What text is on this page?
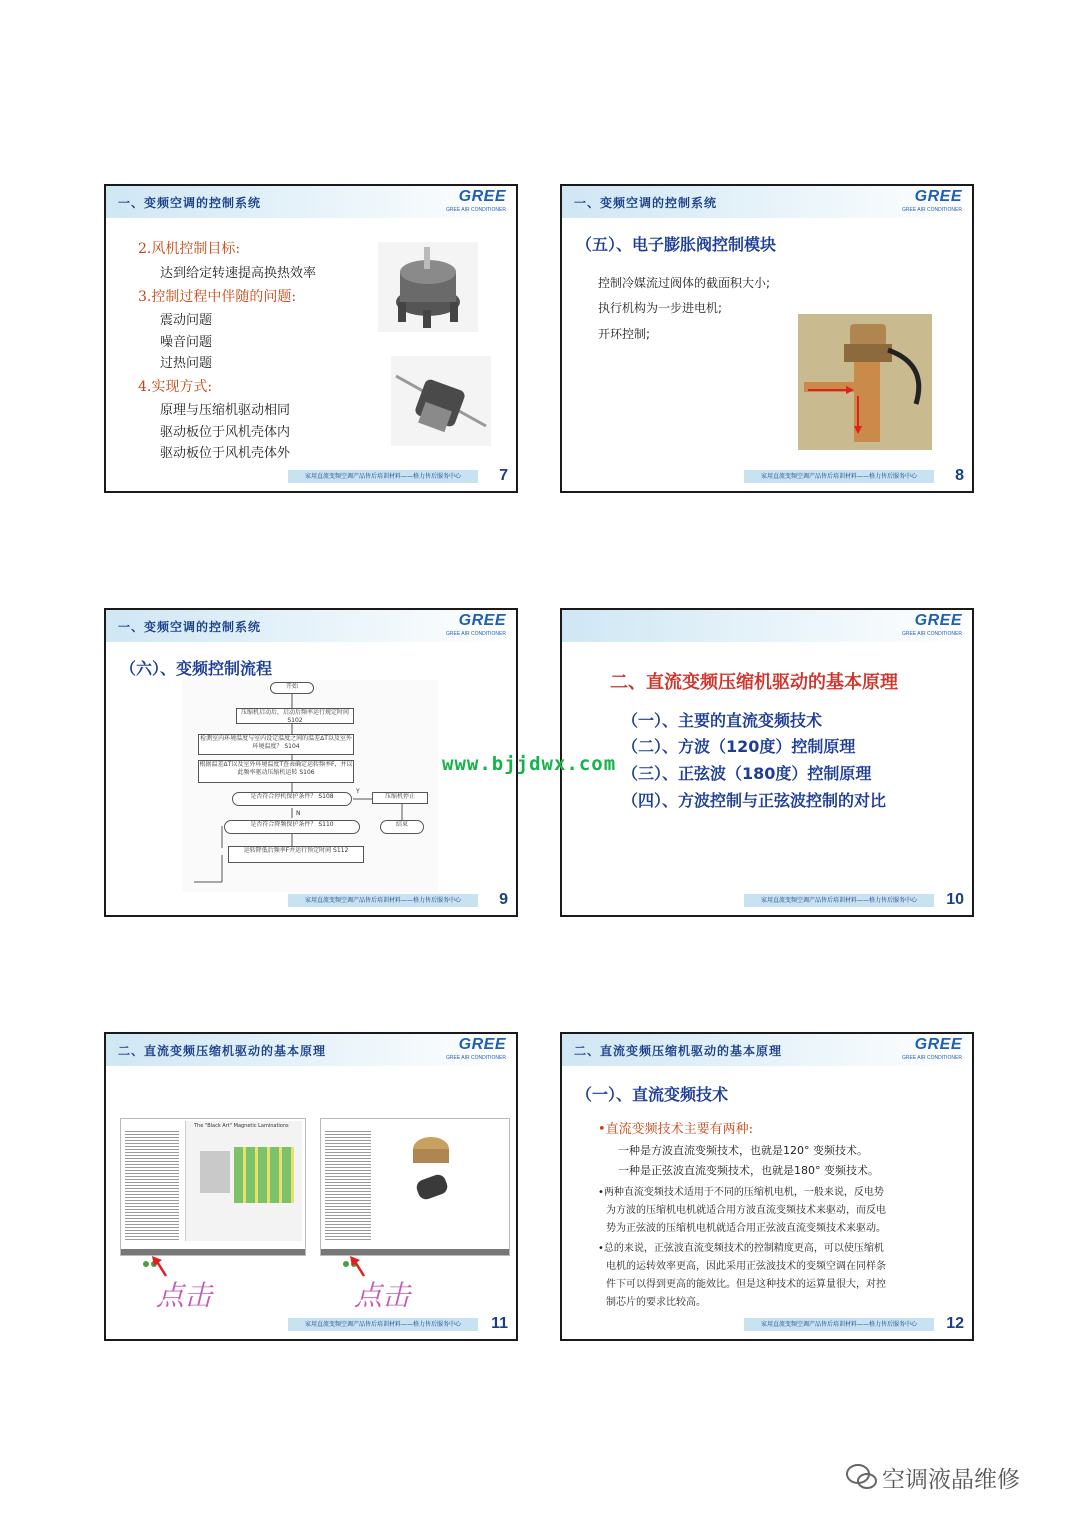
一、变频空调的控制系统	GREE
GREE AIR CONDITIONER
2.风机控制目标:
达到给定转速提高换热效率
3.控制过程中伴随的问题:
震动问题
噪音问题
过热问题
4.实现方式:
原理与压缩机驱动相同
驱动板位于风机壳体内
驱动板位于风机壳体外
家用直流变频空调产品售后培训材料——格力售后服务中心	7
一、变频空调的控制系统	GREE
GREE AIR CONDITIONER
（五）、电子膨胀阀控制模块
控制冷媒流过阀体的截面积大小;
执行机构为一步进电机;
开环控制;
家用直流变频空调产品售后培训材料——格力售后服务中心	8
一、变频空调的控制系统	GREE
GREE AIR CONDITIONER
（六）、变频控制流程
开始
压缩机启动后，启动后频率运行规定时间 S102
检测室内环境温度与室内设定温度之间的温差ΔT以及室外环境温度？ S104
根据温差ΔT以及室外环境温度T查表确定运转频率F，并以此频率驱动压缩机运转 S106
是否符合停机保护条件？ S108	压缩机停止
结束
是否符合降频保护条件？ S110
运转降低后频率F并运行预定时间 S112
Y
N
家用直流变频空调产品售后培训材料——格力售后服务中心	9
GREE
GREE AIR CONDITIONER
二、直流变频压缩机驱动的基本原理
（一）、主要的直流变频技术
（二）、方波（120度）控制原理
（三）、正弦波（180度）控制原理
（四）、方波控制与正弦波控制的对比
家用直流变频空调产品售后培训材料——格力售后服务中心	10
二、直流变频压缩机驱动的基本原理	GREE
GREE AIR CONDITIONER
The "Black Art" Magnetic Laminations
点击	点击
家用直流变频空调产品售后培训材料——格力售后服务中心	11
二、直流变频压缩机驱动的基本原理	GREE
GREE AIR CONDITIONER
（一）、直流变频技术
•直流变频技术主要有两种:
一种是方波直流变频技术，也就是120° 变频技术。
一种是正弦波直流变频技术，也就是180° 变频技术。
•两种直流变频技术适用于不同的压缩机电机，一般来说，反电势
为方波的压缩机电机就适合用方波直流变频技术来驱动，而反电
势为正弦波的压缩机电机就适合用正弦波直流变频技术来驱动。
•总的来说，正弦波直流变频技术的控制精度更高，可以使压缩机
电机的运转效率更高，因此采用正弦波技术的变频空调在同样条
件下可以得到更高的能效比。但是这种技术的运算量很大，对控
制芯片的要求比较高。
家用直流变频空调产品售后培训材料——格力售后服务中心	12
www.bjjdwx.com
空调液晶维修
